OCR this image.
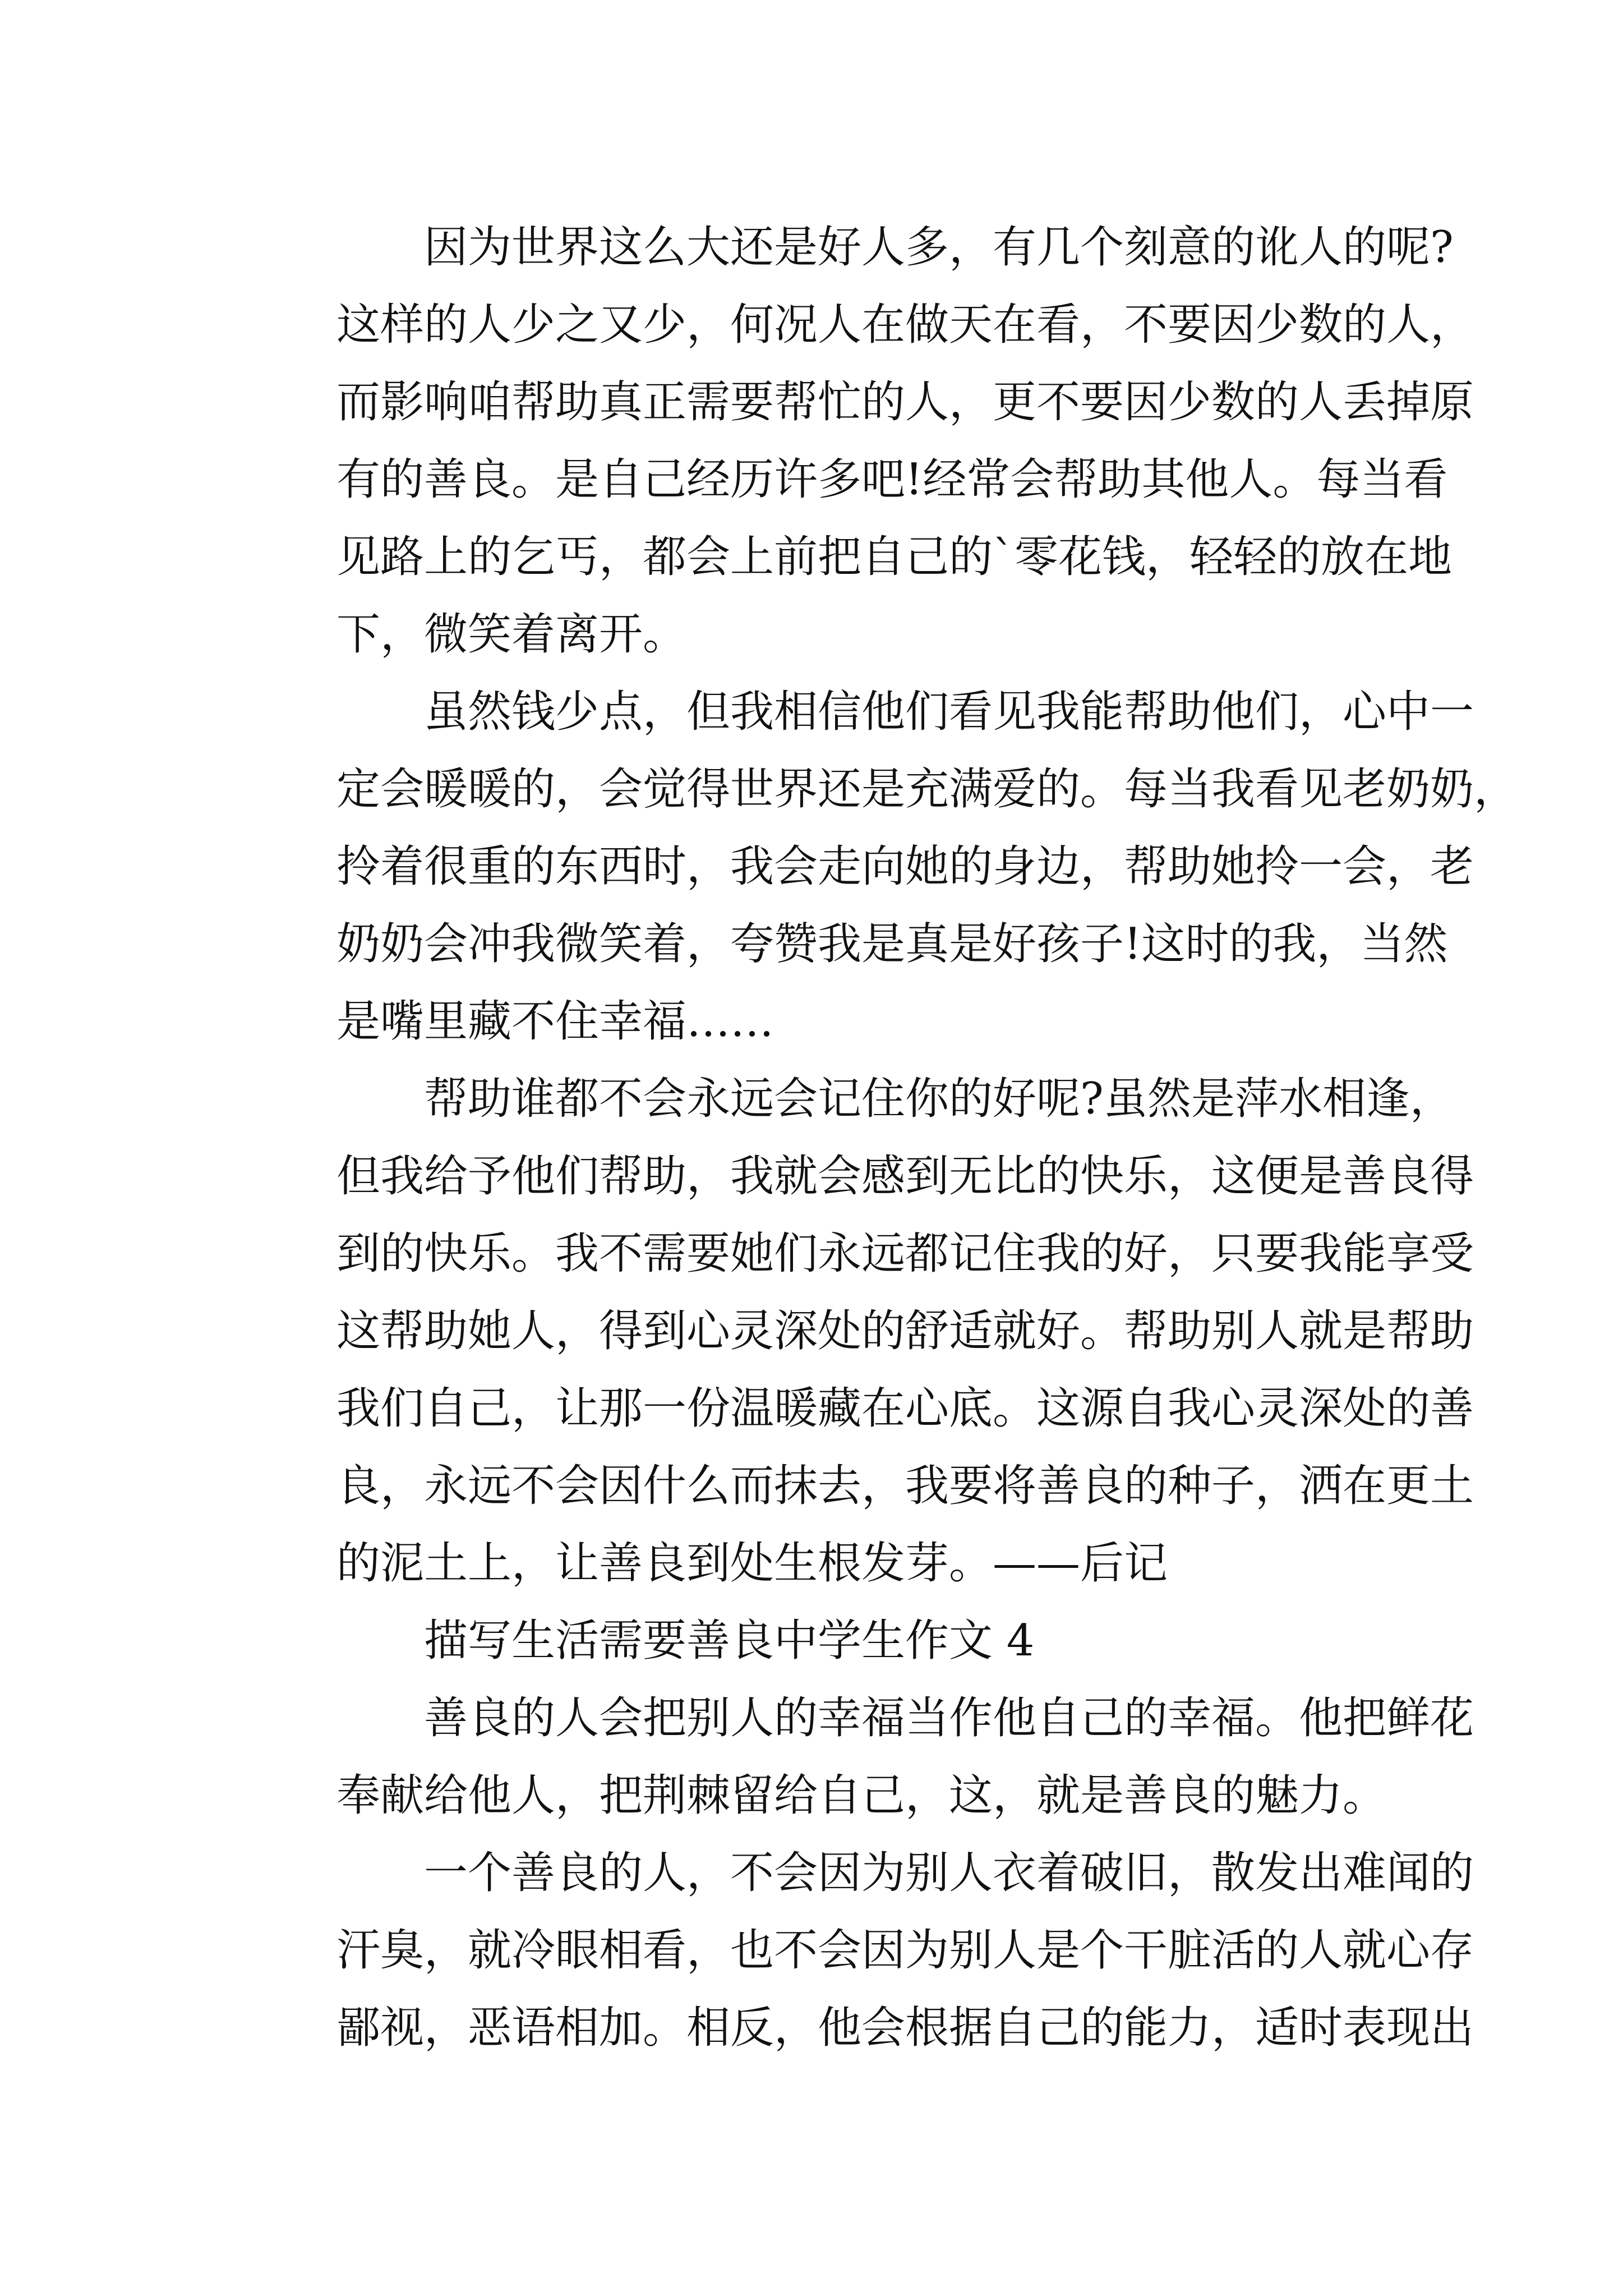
因为世界这么大还是好人多，有几个刻意的讹人的呢?
这样的人少之又少，何况人在做天在看，不要因少数的人，
而影响咱帮助真正需要帮忙的人，更不要因少数的人丢掉原
有的善良。是自己经历许多吧!经常会帮助其他人。每当看
见路上的乞丐，都会上前把自己的`零花钱，轻轻的放在地
下，微笑着离开。
虽然钱少点，但我相信他们看见我能帮助他们，心中一
定会暖暖的，会觉得世界还是充满爱的。每当我看见老奶奶，
拎着很重的东西时，我会走向她的身边，帮助她拎一会，老
奶奶会冲我微笑着，夸赞我是真是好孩子!这时的我，当然
是嘴里藏不住幸福……
帮助谁都不会永远会记住你的好呢?虽然是萍水相逢，
但我给予他们帮助，我就会感到无比的快乐，这便是善良得
到的快乐。我不需要她们永远都记住我的好，只要我能享受
这帮助她人，得到心灵深处的舒适就好。帮助别人就是帮助
我们自己，让那一份温暖藏在心底。这源自我心灵深处的善
良，永远不会因什么而抹去，我要将善良的种子，洒在更土
的泥土上，让善良到处生根发芽。——后记
描写生活需要善良中学生作文 4
善良的人会把别人的幸福当作他自己的幸福。他把鲜花
奉献给他人，把荆棘留给自己，这，就是善良的魅力。
一个善良的人，不会因为别人衣着破旧，散发出难闻的
汗臭，就冷眼相看，也不会因为别人是个干脏活的人就心存
鄙视，恶语相加。相反，他会根据自己的能力，适时表现出
